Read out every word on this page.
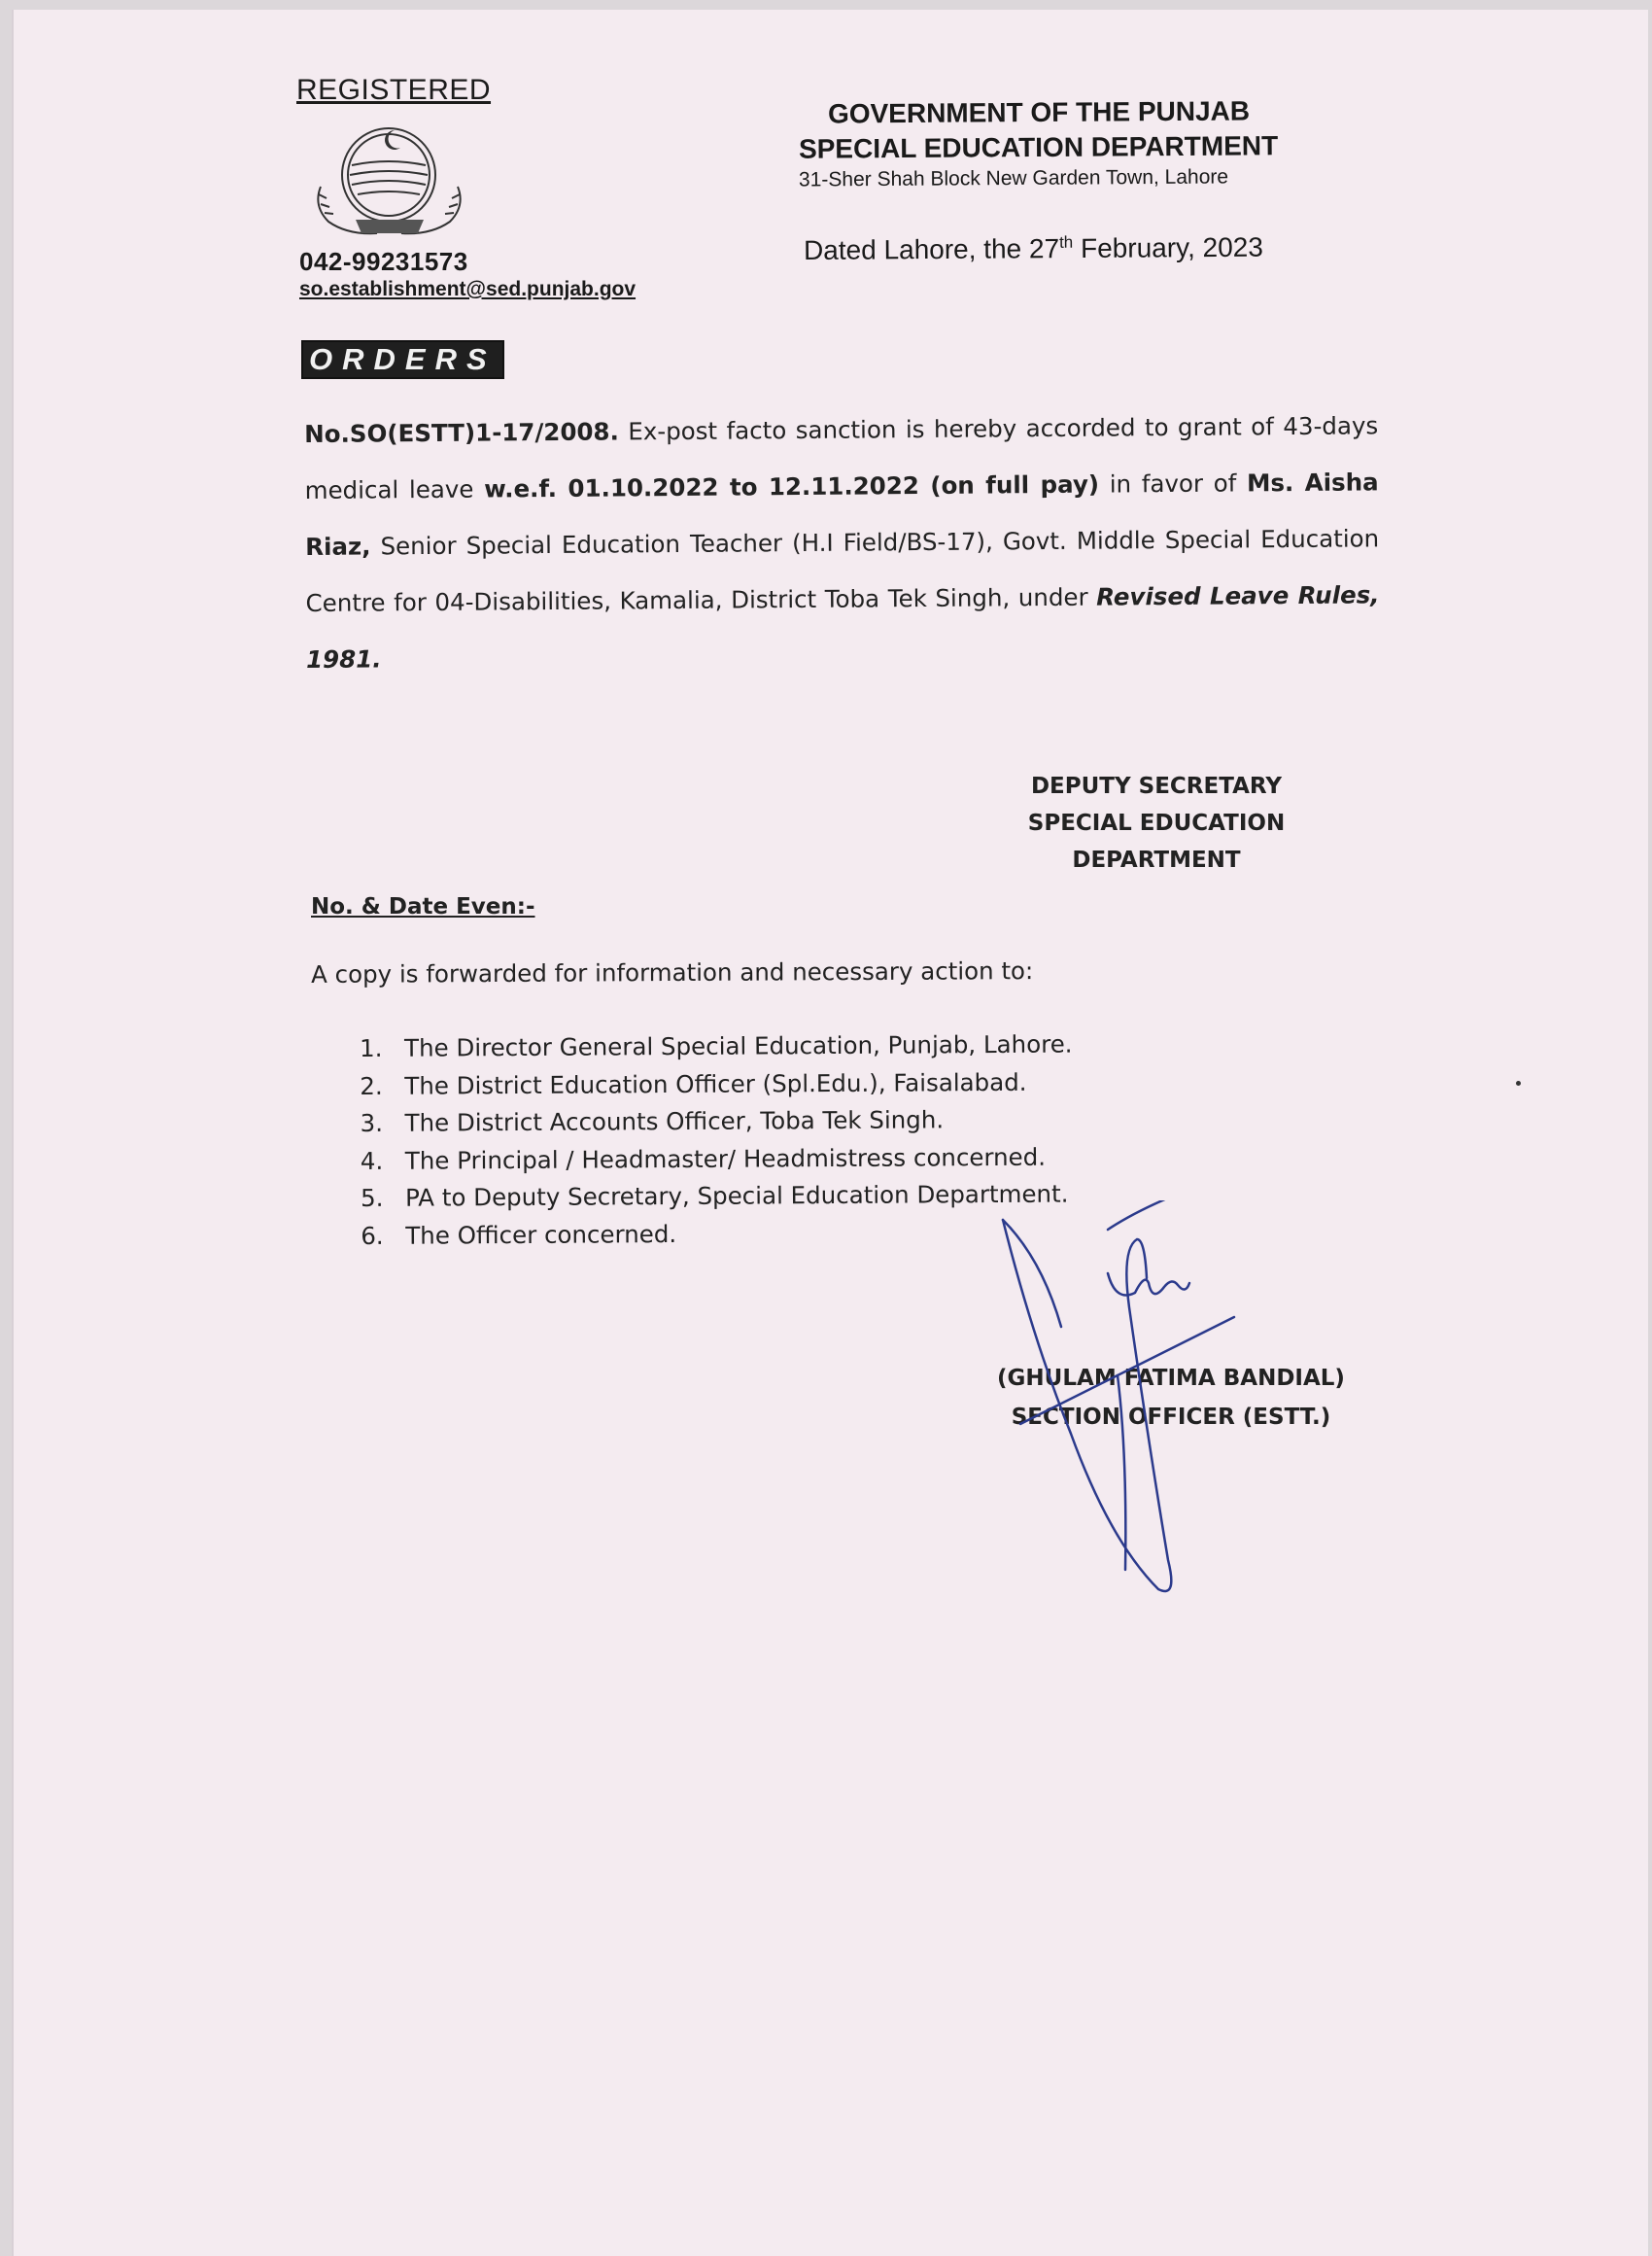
REGISTERED
042-99231573
so.establishment@sed.punjab.gov
GOVERNMENT OF THE PUNJAB
SPECIAL EDUCATION DEPARTMENT
31-Sher Shah Block New Garden Town, Lahore
Dated Lahore, the 27th February, 2023
ORDERS
No.SO(ESTT)1-17/2008. Ex-post facto sanction is hereby accorded to grant of 43-days medical leave w.e.f. 01.10.2022 to 12.11.2022 (on full pay) in favor of Ms. Aisha Riaz, Senior Special Education Teacher (H.I Field/BS-17), Govt. Middle Special Education Centre for 04-Disabilities, Kamalia, District Toba Tek Singh, under Revised Leave Rules, 1981.
DEPUTY SECRETARY
SPECIAL EDUCATION
DEPARTMENT
No. & Date Even:-
A copy is forwarded for information and necessary action to:
1. The Director General Special Education, Punjab, Lahore.
2. The District Education Officer (Spl.Edu.), Faisalabad.
3. The District Accounts Officer, Toba Tek Singh.
4. The Principal / Headmaster/ Headmistress concerned.
5. PA to Deputy Secretary, Special Education Department.
6. The Officer concerned.
(GHULAM FATIMA BANDIAL)
SECTION OFFICER (ESTT.)
